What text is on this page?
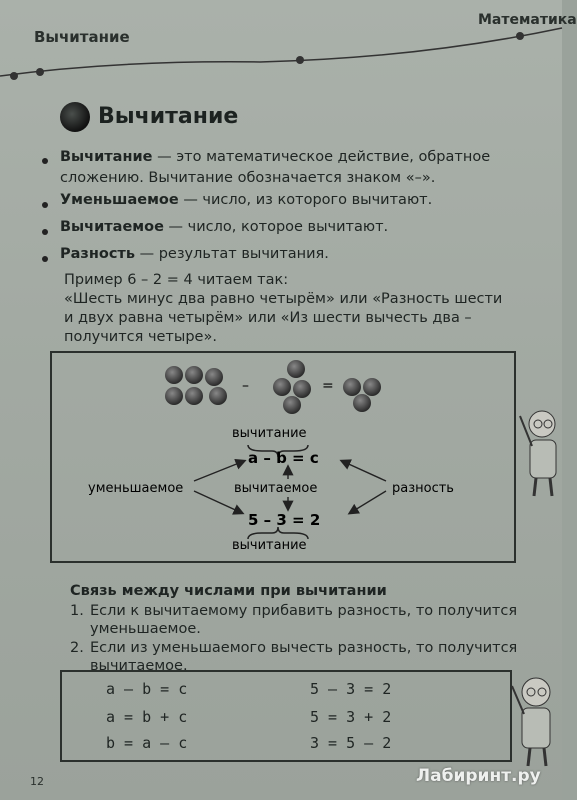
Вычитание
Математика
Вычитание
Вычитание — это математическое действие, обратное
сложению. Вычитание обозначается знаком «–».
Уменьшаемое — число, из которого вычитают.
Вычитаемое — число, которое вычитают.
Разность — результат вычитания.
Пример 6 – 2 = 4 читаем так:
«Шесть минус два равно четырём» или «Разность шести
и двух равна четырём» или «Из шести вычесть два –
получится четыре».
–	=
вычитание
a – b = c
уменьшаемое	вычитаемое	разность
5 – 3 = 2
вычитание
Связь между числами при вычитании
1. Если к вычитаемому прибавить разность, то получится
уменьшаемое.
2. Если из уменьшаемого вычесть разность, то получится
вычитаемое.
a – b = c	5 – 3 = 2
a = b + c	5 = 3 + 2
b = a – c	3 = 5 – 2
12	Лабиринт.ру
